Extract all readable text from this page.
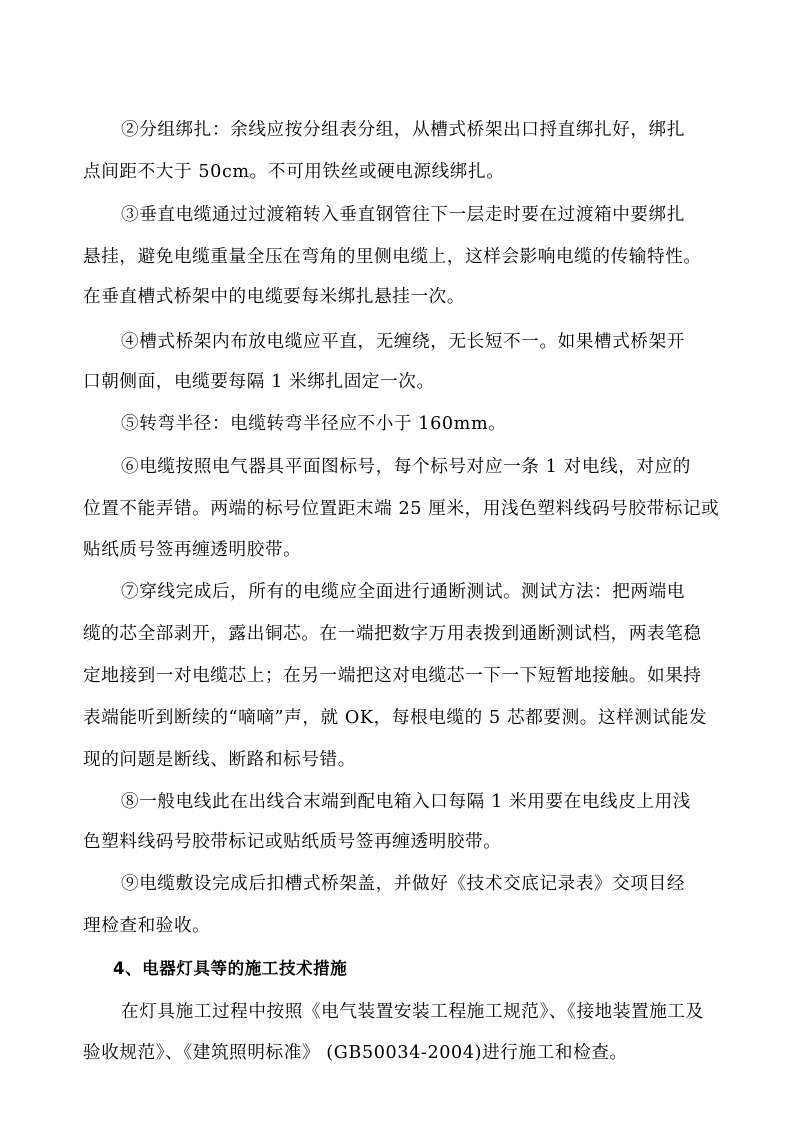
②分组绑扎：余线应按分组表分组，从槽式桥架出口捋直绑扎好，绑扎
点间距不大于 50cm。不可用铁丝或硬电源线绑扎。
③垂直电缆通过过渡箱转入垂直钢管往下一层走时要在过渡箱中要绑扎
悬挂，避免电缆重量全压在弯角的里侧电缆上，这样会影响电缆的传输特性。
在垂直槽式桥架中的电缆要每米绑扎悬挂一次。
④槽式桥架内布放电缆应平直，无缠绕，无长短不一。如果槽式桥架开
口朝侧面，电缆要每隔 1 米绑扎固定一次。
⑤转弯半径：电缆转弯半径应不小于 160mm。
⑥电缆按照电气器具平面图标号，每个标号对应一条 1 对电线，对应的
位置不能弄错。两端的标号位置距末端 25 厘米，用浅色塑料线码号胶带标记或
贴纸质号签再缠透明胶带。
⑦穿线完成后，所有的电缆应全面进行通断测试。测试方法：把两端电
缆的芯全部剥开，露出铜芯。在一端把数字万用表拨到通断测试档，两表笔稳
定地接到一对电缆芯上；在另一端把这对电缆芯一下一下短暂地接触。如果持
表端能听到断续的“嘀嘀”声，就 OK，每根电缆的 5 芯都要测。这样测试能发
现的问题是断线、断路和标号错。
⑧一般电线此在出线合末端到配电箱入口每隔 1 米用要在电线皮上用浅
色塑料线码号胶带标记或贴纸质号签再缠透明胶带。
⑨电缆敷设完成后扣槽式桥架盖，并做好《技术交底记录表》交项目经
理检查和验收。
4、电器灯具等的施工技术措施
在灯具施工过程中按照《电气装置安装工程施工规范》、《接地装置施工及
验收规范》、《建筑照明标准》 (GB50034-2004)进行施工和检查。
